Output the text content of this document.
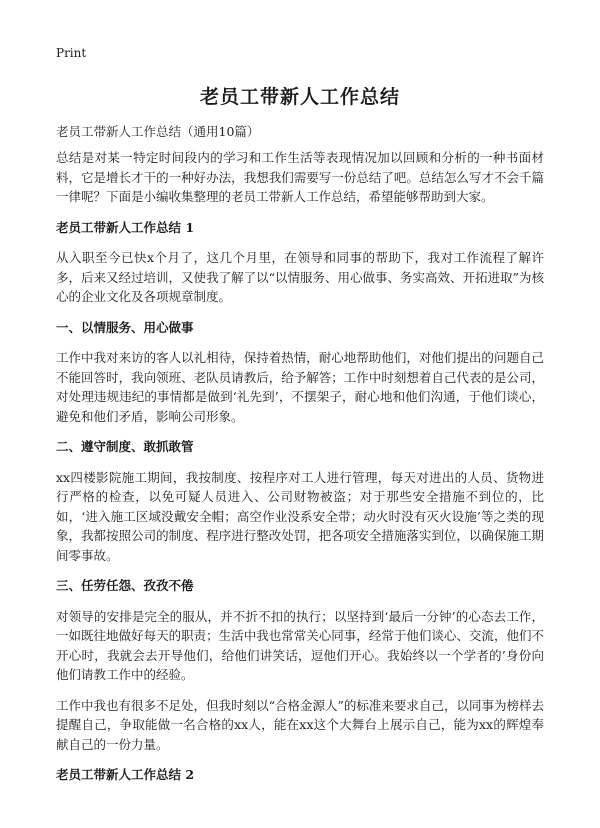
Print
老员工带新人工作总结
老员工带新人工作总结（通用10篇）

总结是对某一特定时间段内的学习和工作生活等表现情况加以回顾和分析的一种书面材料，它是增长才干的一种好办法，我想我们需要写一份总结了吧。总结怎么写才不会千篇一律呢？下面是小编收集整理的老员工带新人工作总结，希望能够帮助到大家。

老员工带新人工作总结 1

从入职至今已快x个月了，这几个月里，在领导和同事的帮助下，我对工作流程了解许多，后来又经过培训，又使我了解了以“以情服务、用心做事、务实高效、开拓进取”为核心的企业文化及各项规章制度。

一、以情服务、用心做事

工作中我对来访的客人以礼相待，保持着热情，耐心地帮助他们，对他们提出的问题自己不能回答时，我向领班、老队员请教后，给予解答；工作中时刻想着自己代表的是公司，对处理违规违纪的事情都是做到‘礼先到’，不摆架子，耐心地和他们沟通，于他们谈心，避免和他们矛盾，影响公司形象。

二、遵守制度、敢抓敢管

xx四楼影院施工期间，我按制度、按程序对工人进行管理，每天对进出的人员、货物进行严格的检查，以免可疑人员进入、公司财物被盗；对于那些安全措施不到位的，比如，‘进入施工区域没戴安全帽；高空作业没系安全带；动火时没有灭火设施’等之类的现象，我都按照公司的制度、程序进行整改处罚，把各项安全措施落实到位，以确保施工期间零事故。

三、任劳任怨、孜孜不倦

对领导的安排是完全的服从，并不折不扣的执行；以坚持到‘最后一分钟’的心态去工作，一如既往地做好每天的职责；生活中我也常常关心同事，经常于他们谈心、交流，他们不开心时，我就会去开导他们，给他们讲笑话，逗他们开心。我始终以一个学者的’身份向他们请教工作中的经验。

工作中我也有很多不足处，但我时刻以“合格金源人”的标准来要求自己，以同事为榜样去提醒自己，争取能做一名合格的xx人，能在xx这个大舞台上展示自己，能为xx的辉煌奉献自己的一份力量。

老员工带新人工作总结 2
